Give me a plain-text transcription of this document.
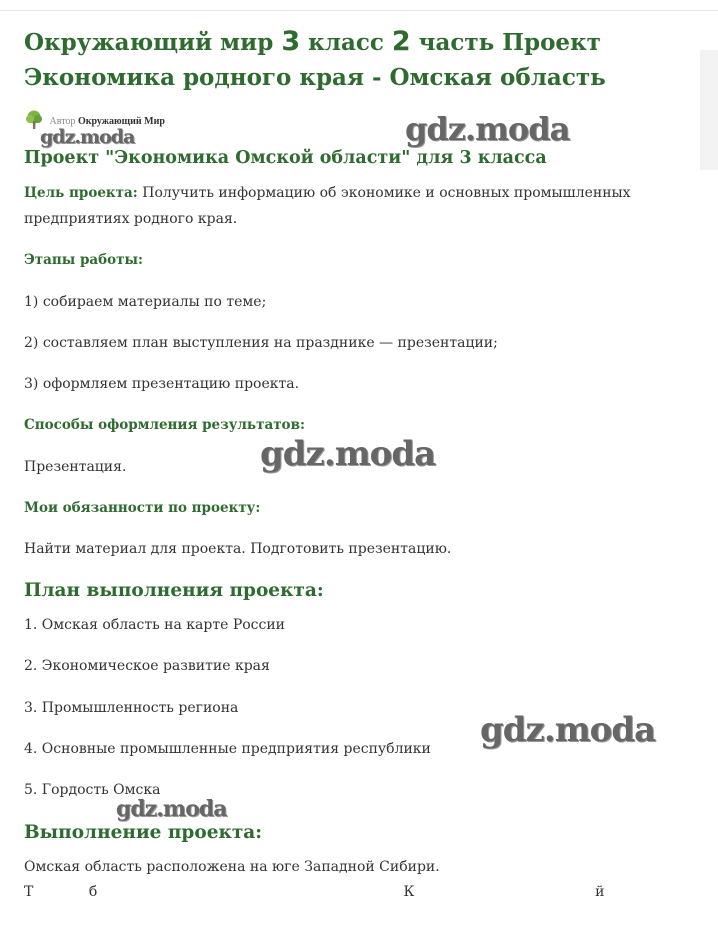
Окружающий мир 3 класс 2 часть Проект
Экономика родного края - Омская область
Автор Окружающий Мир
Проект "Экономика Омской области" для 3 класса
Цель проекта: Получить информацию об экономике и основных промышленных
предприятиях родного края.
Этапы работы:
1) собираем материалы по теме;
2) составляем план выступления на празднике — презентации;
3) оформляем презентацию проекта.
Способы оформления результатов:
Презентация.
Мои обязанности по проекту:
Найти материал для проекта. Подготовить презентацию.
План выполнения проекта:
1. Омская область на карте России
2. Экономическое развитие края
3. Промышленность региона
4. Основные промышленные предприятия республики
5. Гордость Омска
Выполнение проекта:
Омская область расположена на юге Западной Сибири.
Т          б                                                        К                                 й
gdz.moda	gdz.moda
gdz.moda
gdz.moda
gdz.moda
